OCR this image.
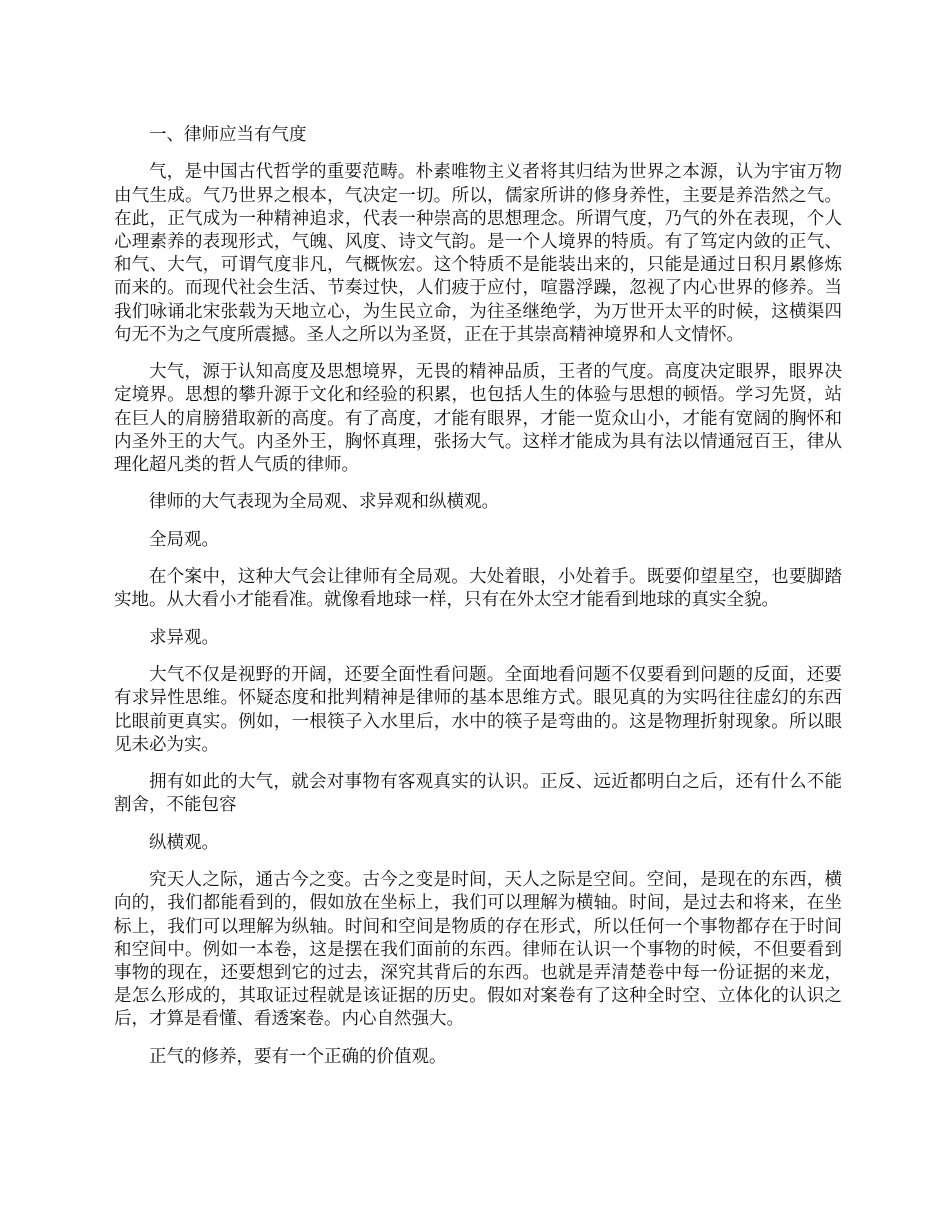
一、律师应当有气度

气，是中国古代哲学的重要范畴。朴素唯物主义者将其归结为世界之本源，认为宇宙万物由气生成。气乃世界之根本，气决定一切。所以，儒家所讲的修身养性，主要是养浩然之气。在此，正气成为一种精神追求，代表一种崇高的思想理念。所谓气度，乃气的外在表现，个人心理素养的表现形式，气魄、风度、诗文气韵。是一个人境界的特质。有了笃定内敛的正气、和气、大气，可谓气度非凡，气概恢宏。这个特质不是能装出来的，只能是通过日积月累修炼而来的。而现代社会生活、节奏过快，人们疲于应付，喧嚣浮躁，忽视了内心世界的修养。当我们咏诵北宋张载为天地立心，为生民立命，为往圣继绝学，为万世开太平的时候，这横渠四句无不为之气度所震撼。圣人之所以为圣贤，正在于其崇高精神境界和人文情怀。

大气，源于认知高度及思想境界，无畏的精神品质，王者的气度。高度决定眼界，眼界决定境界。思想的攀升源于文化和经验的积累，也包括人生的体验与思想的顿悟。学习先贤，站在巨人的肩膀猎取新的高度。有了高度，才能有眼界，才能一览众山小，才能有宽阔的胸怀和内圣外王的大气。内圣外王，胸怀真理，张扬大气。这样才能成为具有法以情通冠百王，律从理化超凡类的哲人气质的律师。

律师的大气表现为全局观、求异观和纵横观。

全局观。

在个案中，这种大气会让律师有全局观。大处着眼，小处着手。既要仰望星空，也要脚踏实地。从大看小才能看准。就像看地球一样，只有在外太空才能看到地球的真实全貌。

求异观。

大气不仅是视野的开阔，还要全面性看问题。全面地看问题不仅要看到问题的反面，还要有求异性思维。怀疑态度和批判精神是律师的基本思维方式。眼见真的为实吗往往虚幻的东西比眼前更真实。例如，一根筷子入水里后，水中的筷子是弯曲的。这是物理折射现象。所以眼见未必为实。

拥有如此的大气，就会对事物有客观真实的认识。正反、远近都明白之后，还有什么不能割舍，不能包容

纵横观。

究天人之际，通古今之变。古今之变是时间，天人之际是空间。空间，是现在的东西，横向的，我们都能看到的，假如放在坐标上，我们可以理解为横轴。时间，是过去和将来，在坐标上，我们可以理解为纵轴。时间和空间是物质的存在形式，所以任何一个事物都存在于时间和空间中。例如一本卷，这是摆在我们面前的东西。律师在认识一个事物的时候，不但要看到事物的现在，还要想到它的过去，深究其背后的东西。也就是弄清楚卷中每一份证据的来龙，是怎么形成的，其取证过程就是该证据的历史。假如对案卷有了这种全时空、立体化的认识之后，才算是看懂、看透案卷。内心自然强大。

正气的修养，要有一个正确的价值观。
